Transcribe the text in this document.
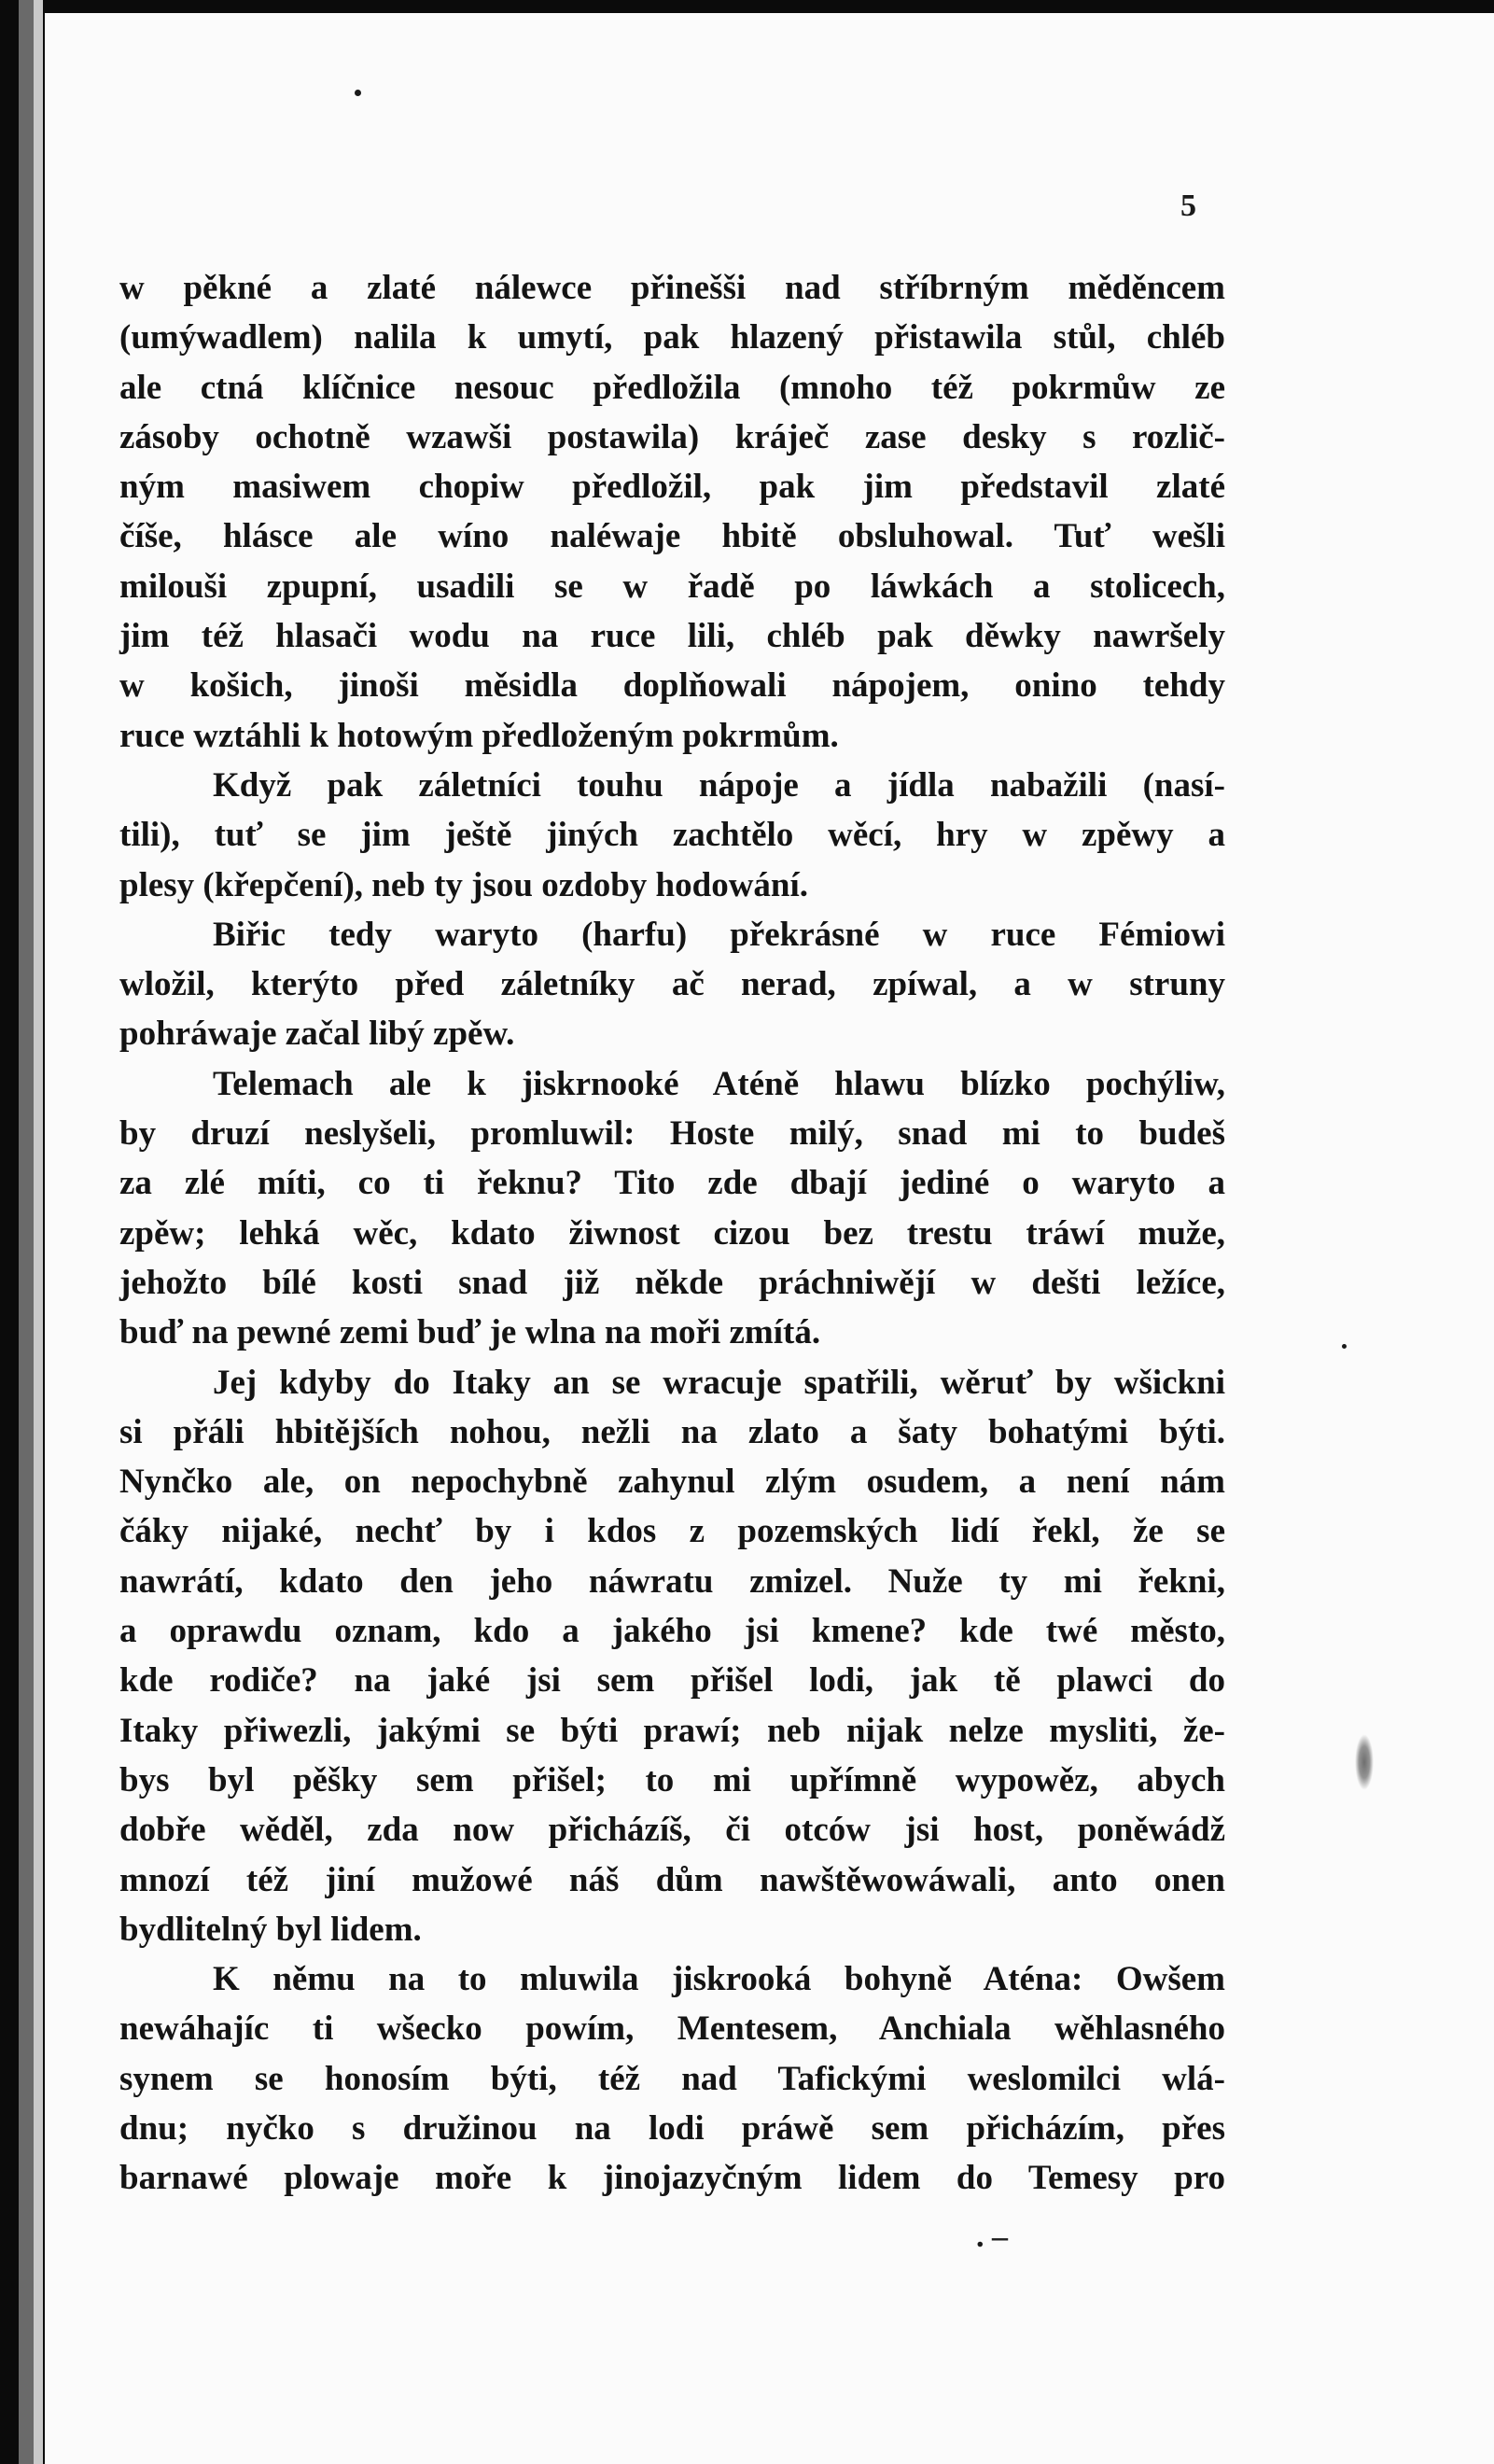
5
w pěkné a zlaté nálewce přinešši nad stříbrným měděncem
(umýwadlem) nalila k umytí, pak hlazený přistawila stůl, chléb
ale ctná klíčnice nesouc předložila (mnoho též pokrmůw ze
zásoby ochotně wzawši postawila) kráječ zase desky s rozlič-
ným masiwem chopiw předložil, pak jim představil zlaté
číše, hlásce ale wíno naléwaje hbitě obsluhowal. Tuť wešli
milouši zpupní, usadili se w řadě po láwkách a stolicech,
jim též hlasači wodu na ruce lili, chléb pak děwky nawršely
w košich, jinoši měsidla doplňowali nápojem, onino tehdy
ruce wztáhli k hotowým předloženým pokrmům.
Když pak záletníci touhu nápoje a jídla nabažili (nasí-
tili), tuť se jim ještě jiných zachtělo wěcí, hry w zpěwy a
plesy (křepčení), neb ty jsou ozdoby hodowání.
Biřic tedy waryto (harfu) překrásné w ruce Fémiowi
wložil, kterýto před záletníky ač nerad, zpíwal, a w struny
pohráwaje začal libý zpěw.
Telemach ale k jiskrnooké Aténě hlawu blízko pochýliw,
by druzí neslyšeli, promluwil: Hoste milý, snad mi to budeš
za zlé míti, co ti řeknu? Tito zde dbají jediné o waryto a
zpěw; lehká wěc, kdato žiwnost cizou bez trestu tráwí muže,
jehožto bílé kosti snad již někde práchniwějí w dešti ležíce,
buď na pewné zemi buď je wlna na moři zmítá.
Jej kdyby do Itaky an se wracuje spatřili, wěruť by wšickni
si přáli hbitějších nohou, nežli na zlato a šaty bohatými býti.
Nynčko ale, on nepochybně zahynul zlým osudem, a není nám
čáky nijaké, nechť by i kdos z pozemských lidí řekl, že se
nawrátí, kdato den jeho náwratu zmizel. Nuže ty mi řekni,
a oprawdu oznam, kdo a jakého jsi kmene? kde twé město,
kde rodiče? na jaké jsi sem přišel lodi, jak tě plawci do
Itaky přiwezli, jakými se býti prawí; neb nijak nelze mysliti, že-
bys byl pěšky sem přišel; to mi upřímně wypowěz, abych
dobře wěděl, zda now přicházíš, či otców jsi host, poněwádž
mnozí též jiní mužowé náš dům nawštěwowáwali, anto onen
bydlitelný byl lidem.
K němu na to mluwila jiskrooká bohyně Aténa: Owšem
newáhajíc ti wšecko powím, Mentesem, Anchiala wěhlasného
synem se honosím býti, též nad Tafickými weslomilci wlá-
dnu; nyčko s družinou na lodi práwě sem přicházím, přes
barnawé plowaje moře k jinojazyčným lidem do Temesy pro
. –
